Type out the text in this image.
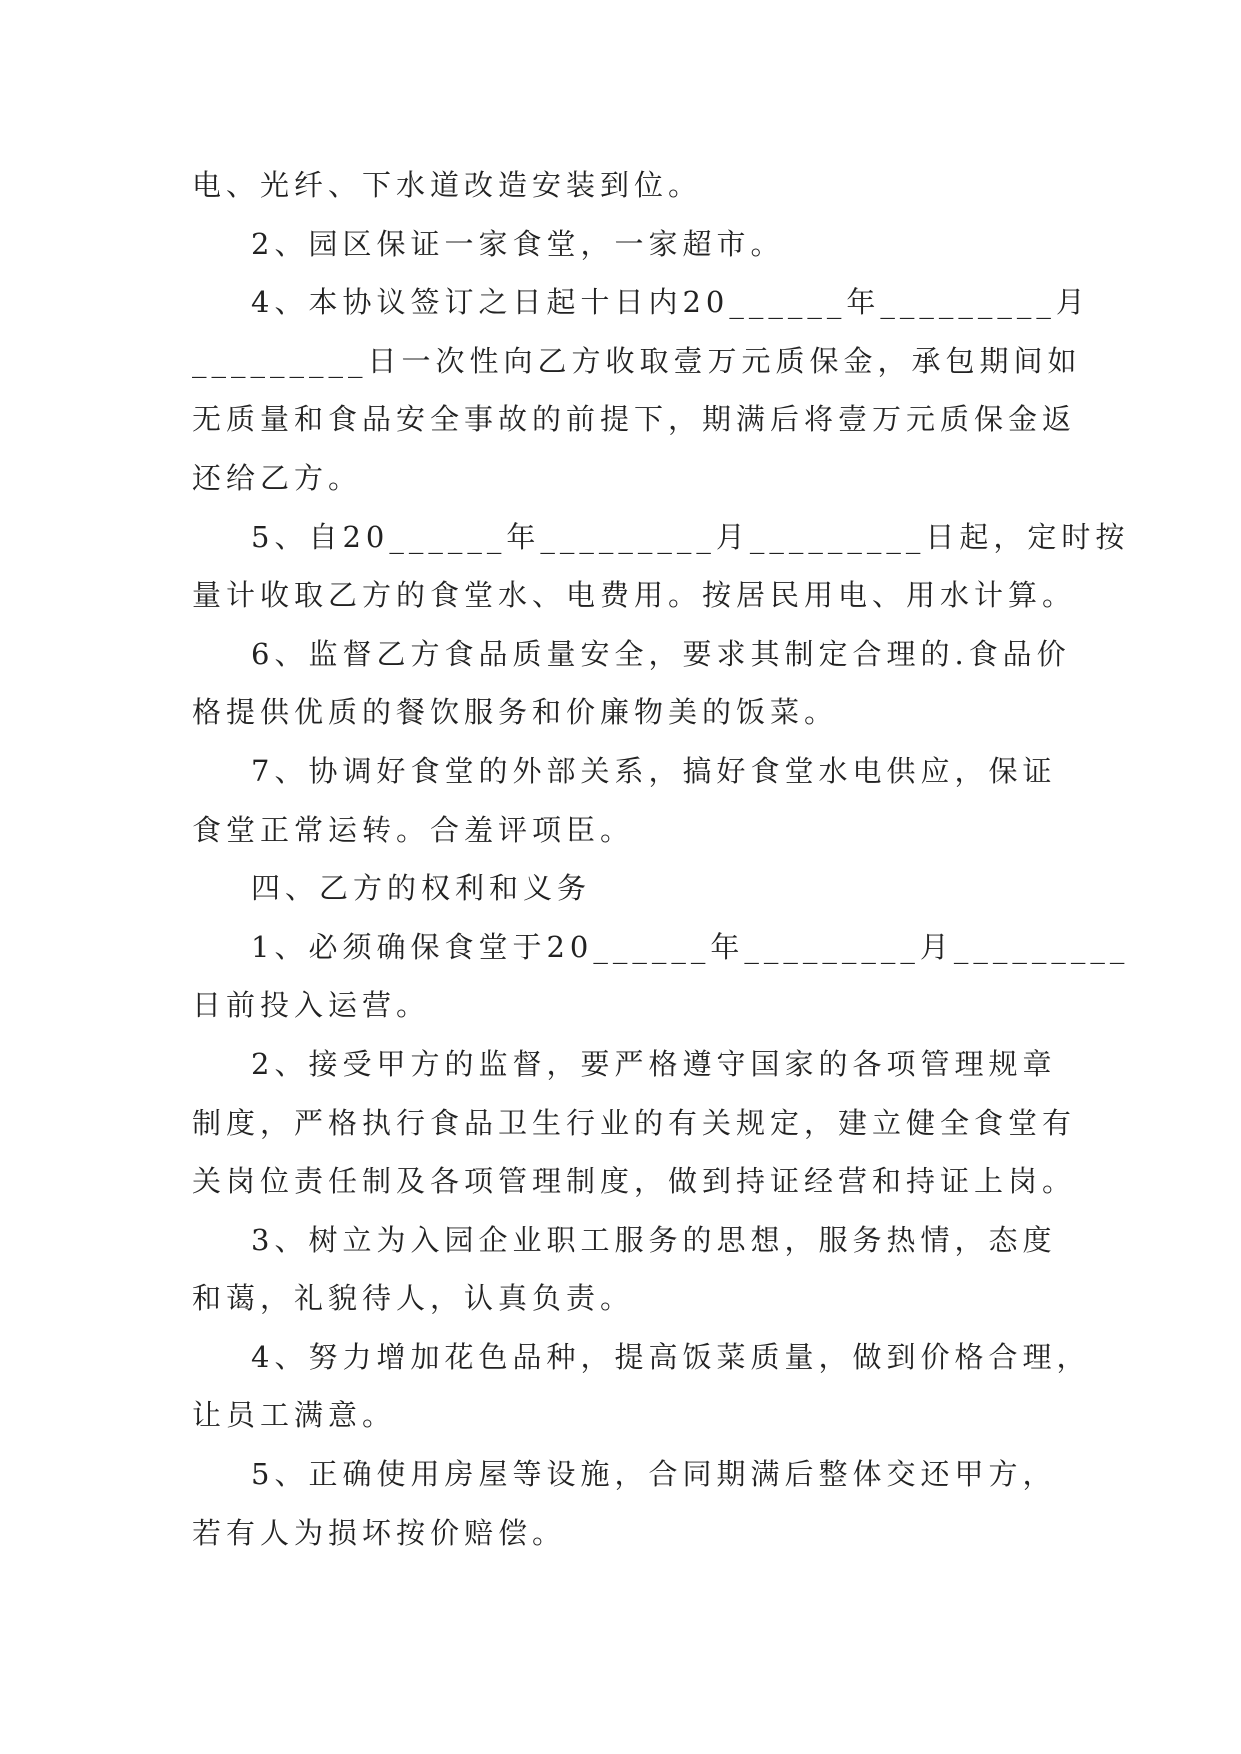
电、光纤、下水道改造安装到位。

2、园区保证一家食堂，一家超市。

4、本协议签订之日起十日内20______年_________月

_________日一次性向乙方收取壹万元质保金，承包期间如

无质量和食品安全事故的前提下，期满后将壹万元质保金返

还给乙方。

5、自20______年_________月_________日起，定时按

量计收取乙方的食堂水、电费用。按居民用电、用水计算。

6、监督乙方食品质量安全，要求其制定合理的.食品价

格提供优质的餐饮服务和价廉物美的饭菜。

7、协调好食堂的外部关系，搞好食堂水电供应，保证

食堂正常运转。合羞评项臣。

四、乙方的权利和义务

1、必须确保食堂于20______年_________月_________

日前投入运营。

2、接受甲方的监督，要严格遵守国家的各项管理规章

制度，严格执行食品卫生行业的有关规定，建立健全食堂有

关岗位责任制及各项管理制度，做到持证经营和持证上岗。

3、树立为入园企业职工服务的思想，服务热情，态度

和蔼，礼貌待人，认真负责。

4、努力增加花色品种，提高饭菜质量，做到价格合理，

让员工满意。

5、正确使用房屋等设施，合同期满后整体交还甲方，

若有人为损坏按价赔偿。
